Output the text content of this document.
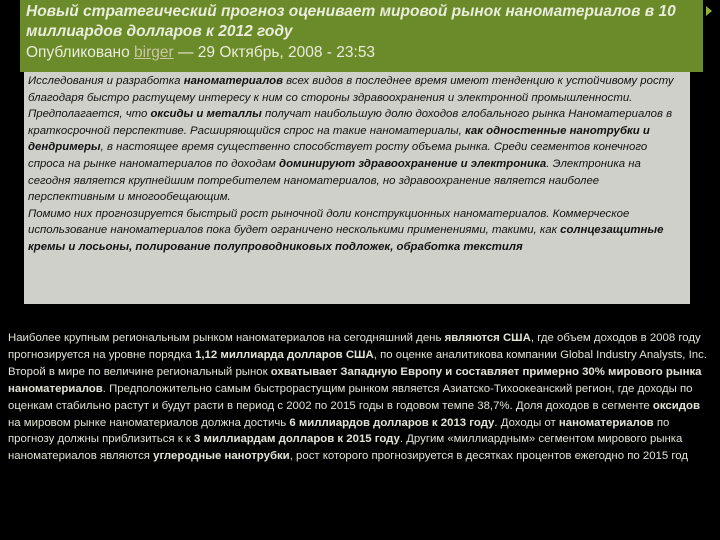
Новый стратегический прогноз оценивает мировой рынок наноматериалов в 10 миллиардов долларов к 2012 году
Опубликовано birger — 29 Октябрь, 2008 - 23:53

Исследования и разработка наноматериалов всех видов в последнее время имеют тенденцию к устойчивому росту благодаря быстро растущему интересу к ним со стороны здравоохранения и электронной промышленности.

Предполагается, что оксиды и металлы получат наибольшую долю доходов глобального рынка Наноматериалов в краткосрочной перспективе. Расширяющийся спрос на такие наноматериалы, как одностенные нанотрубки и дендримеры, в настоящее время существенно способствует росту объема рынка. Среди сегментов конечного спроса на рынке наноматериалов по доходам доминируют здравоохранение и электроника. Электроника на сегодня является крупнейшим потребителем наноматериалов, но здравоохранение является наиболее перспективным и многообещающим.

Помимо них прогнозируется быстрый рост рыночной доли конструкционных наноматериалов. Коммерческое использование наноматериалов пока будет ограничено несколькими применениями, такими, как солнцезащитные кремы и лосьоны, полирование полупроводниковых подложек, обработка текстиля

Наиболее крупным региональным рынком наноматериалов на сегодняшний день являются США, где объем доходов в 2008 году прогнозируется на уровне порядка 1,12 миллиарда долларов США, по оценке аналитикова компании Global Industry Analysts, Inc. Второй в мире по величине региональный рынок охватывает Западную Европу и составляет примерно 30% мирового рынка наноматериалов. Предположительно самым быстрорастущим рынком является Азиатско-Тихоокеанский регион, где доходы по оценкам стабильно растут и будут расти в период с 2002 по 2015 годы в годовом темпе 38,7%. Доля доходов в сегменте оксидов на мировом рынке наноматериалов должна достичь 6 миллиардов долларов к 2013 году. Доходы от наноматериалов по прогнозу должны приблизиться к к 3 миллиардам долларов к 2015 году. Другим «миллиардным» сегментом мирового рынка наноматериалов являются углеродные нанотрубки, рост которого прогнозируется в десятках процентов ежегодно по 2015 год
